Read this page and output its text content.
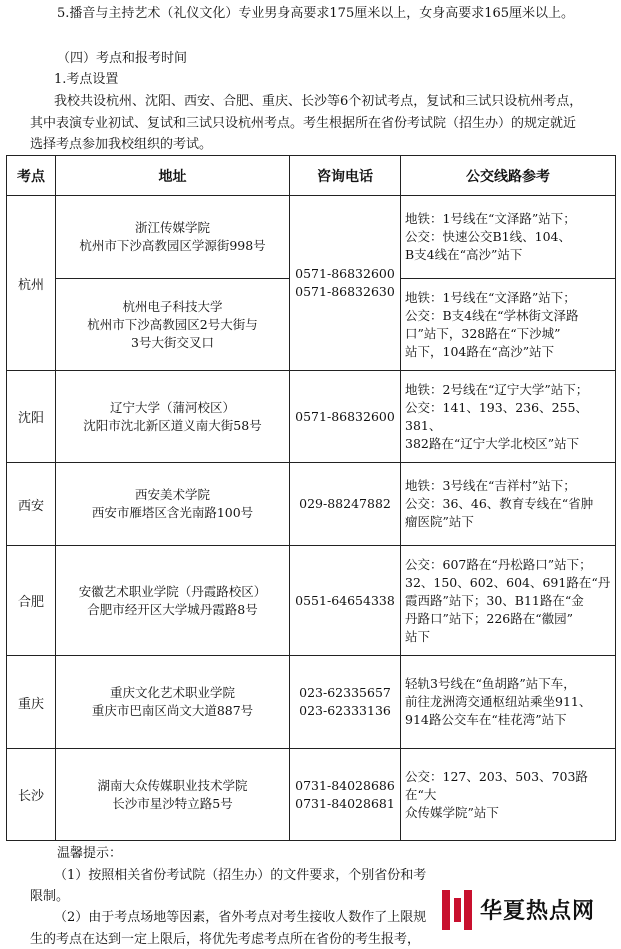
5.播音与主持艺术（礼仪文化）专业男身高要求175厘米以上，女身高要求165厘米以上。
（四）考点和报考时间
1.考点设置
我校共设杭州、沈阳、西安、合肥、重庆、长沙等6个初试考点，复试和三试只设杭州考点，
其中表演专业初试、复试和三试只设杭州考点。考生根据所在省份考试院（招生办）的规定就近
选择考点参加我校组织的考试。
考点	地址	咨询电话	公交线路参考
杭州	浙江传媒学院
杭州市下沙高教园区学源街998号	0571-86832600
0571-86832630	地铁：1号线在“文泽路”站下；
公交：快速公交B1线、104、
B支4线在“高沙”站下

	杭州电子科技大学
杭州市下沙高教园区2号大街与
3号大街交叉口		地铁：1号线在“文泽路”站下；
公交：B支4线在“学林街文泽路
口”站下，328路在“下沙城”
站下，104路在“高沙”站下

沈阳	辽宁大学（蒲河校区）
沈阳市沈北新区道义南大街58号	0571-86832600	地铁：2号线在“辽宁大学”站下；
公交：141、193、236、255、381、
382路在“辽宁大学北校区”站下

西安	西安美术学院
西安市雁塔区含光南路100号	029-88247882	地铁：3号线在“吉祥村”站下；
公交：36、46、教育专线在“省肿
瘤医院”站下

合肥	安徽艺术职业学院（丹霞路校区）
合肥市经开区大学城丹霞路8号	0551-64654338	公交：607路在“丹松路口”站下；
32、150、602、604、691路在“丹
霞西路”站下；30、B11路在“金
丹路口”站下；226路在“徽园”
站下

重庆	重庆文化艺术职业学院
重庆市巴南区尚文大道887号	023-62335657
023-62333136	轻轨3号线在“鱼胡路”站下车，
前往龙洲湾交通枢纽站乘坐911、
914路公交车在“桂花湾”站下

长沙	湖南大众传媒职业技术学院
长沙市星沙特立路5号	0731-84028686
0731-84028681	公交：127、203、503、703路在“大
众传媒学院”站下
温馨提示：
（1）按照相关省份考试院（招生办）的文件要求，个别省份和考
限制。
（2）由于考点场地等因素，省外考点对考生接收人数作了上限规
生的考点在达到一定上限后，将优先考虑考点所在省份的考生报考，
华夏热点网
